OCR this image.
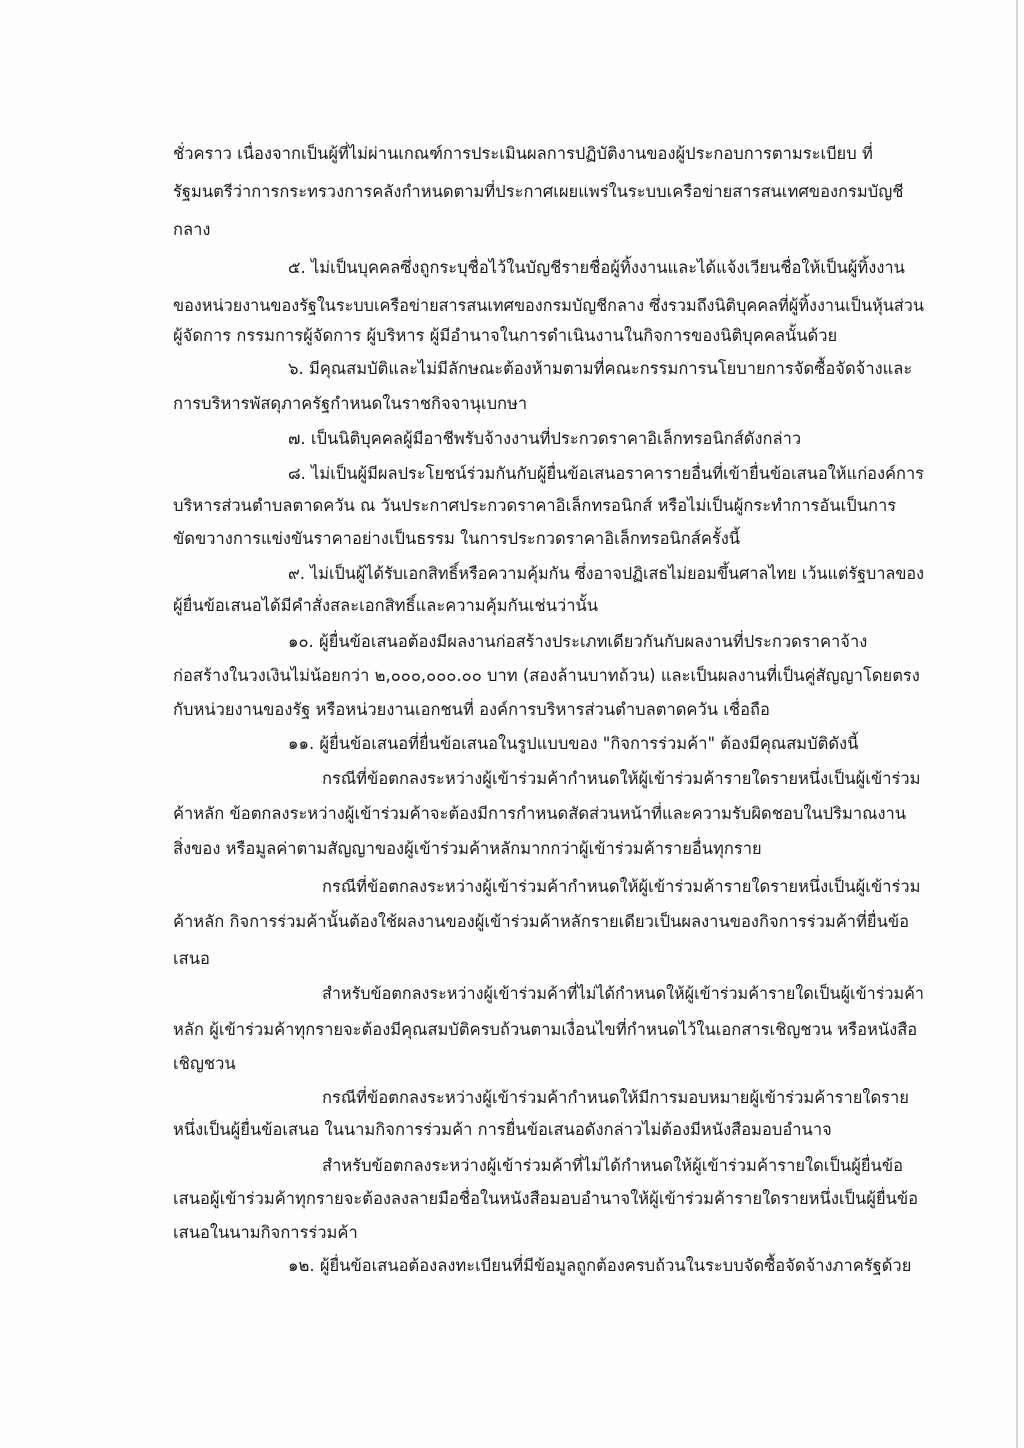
ชั่วคราว เนื่องจากเป็นผู้ที่ไม่ผ่านเกณฑ์การประเมินผลการปฏิบัติงานของผู้ประกอบการตามระเบียบ ที่
รัฐมนตรีว่าการกระทรวงการคลังกำหนดตามที่ประกาศเผยแพร่ในระบบเครือข่ายสารสนเทศของกรมบัญชี
กลาง
๕. ไม่เป็นบุคคลซึ่งถูกระบุชื่อไว้ในบัญชีรายชื่อผู้ทิ้งงานและได้แจ้งเวียนชื่อให้เป็นผู้ทิ้งงาน
ของหน่วยงานของรัฐในระบบเครือข่ายสารสนเทศของกรมบัญชีกลาง ซึ่งรวมถึงนิติบุคคลที่ผู้ทิ้งงานเป็นหุ้นส่วน
ผู้จัดการ กรรมการผู้จัดการ ผู้บริหาร ผู้มีอำนาจในการดำเนินงานในกิจการของนิติบุคคลนั้นด้วย
๖. มีคุณสมบัติและไม่มีลักษณะต้องห้ามตามที่คณะกรรมการนโยบายการจัดซื้อจัดจ้างและ
การบริหารพัสดุภาครัฐกำหนดในราชกิจจานุเบกษา
๗. เป็นนิติบุคคลผู้มีอาชีพรับจ้างงานที่ประกวดราคาอิเล็กทรอนิกส์ดังกล่าว
๘. ไม่เป็นผู้มีผลประโยชน์ร่วมกันกับผู้ยื่นข้อเสนอราคารายอื่นที่เข้ายื่นข้อเสนอให้แก่องค์การ
บริหารส่วนตำบลตาดควัน ณ วันประกาศประกวดราคาอิเล็กทรอนิกส์ หรือไม่เป็นผู้กระทำการอันเป็นการ
ขัดขวางการแข่งขันราคาอย่างเป็นธรรม ในการประกวดราคาอิเล็กทรอนิกส์ครั้งนี้
๙. ไม่เป็นผู้ได้รับเอกสิทธิ์หรือความคุ้มกัน ซึ่งอาจปฏิเสธไม่ยอมขึ้นศาลไทย เว้นแต่รัฐบาลของ
ผู้ยื่นข้อเสนอได้มีคำสั่งสละเอกสิทธิ์และความคุ้มกันเช่นว่านั้น
๑๐. ผู้ยื่นข้อเสนอต้องมีผลงานก่อสร้างประเภทเดียวกันกับผลงานที่ประกวดราคาจ้าง
ก่อสร้างในวงเงินไม่น้อยกว่า ๒,๐๐๐,๐๐๐.๐๐ บาท (สองล้านบาทถ้วน) และเป็นผลงานที่เป็นคู่สัญญาโดยตรง
กับหน่วยงานของรัฐ หรือหน่วยงานเอกชนที่ องค์การบริหารส่วนตำบลตาดควัน เชื่อถือ
๑๑. ผู้ยื่นข้อเสนอที่ยื่นข้อเสนอในรูปแบบของ "กิจการร่วมค้า" ต้องมีคุณสมบัติดังนี้
กรณีที่ข้อตกลงระหว่างผู้เข้าร่วมค้ากำหนดให้ผู้เข้าร่วมค้ารายใดรายหนึ่งเป็นผู้เข้าร่วม
ค้าหลัก ข้อตกลงระหว่างผู้เข้าร่วมค้าจะต้องมีการกำหนดสัดส่วนหน้าที่และความรับผิดชอบในปริมาณงาน
สิ่งของ หรือมูลค่าตามสัญญาของผู้เข้าร่วมค้าหลักมากกว่าผู้เข้าร่วมค้ารายอื่นทุกราย
กรณีที่ข้อตกลงระหว่างผู้เข้าร่วมค้ากำหนดให้ผู้เข้าร่วมค้ารายใดรายหนึ่งเป็นผู้เข้าร่วม
ค้าหลัก กิจการร่วมค้านั้นต้องใช้ผลงานของผู้เข้าร่วมค้าหลักรายเดียวเป็นผลงานของกิจการร่วมค้าที่ยื่นข้อ
เสนอ
สำหรับข้อตกลงระหว่างผู้เข้าร่วมค้าที่ไม่ได้กำหนดให้ผู้เข้าร่วมค้ารายใดเป็นผู้เข้าร่วมค้า
หลัก ผู้เข้าร่วมค้าทุกรายจะต้องมีคุณสมบัติครบถ้วนตามเงื่อนไขที่กำหนดไว้ในเอกสารเชิญชวน หรือหนังสือ
เชิญชวน
กรณีที่ข้อตกลงระหว่างผู้เข้าร่วมค้ากำหนดให้มีการมอบหมายผู้เข้าร่วมค้ารายใดราย
หนึ่งเป็นผู้ยื่นข้อเสนอ ในนามกิจการร่วมค้า การยื่นข้อเสนอดังกล่าวไม่ต้องมีหนังสือมอบอำนาจ
สำหรับข้อตกลงระหว่างผู้เข้าร่วมค้าที่ไม่ได้กำหนดให้ผู้เข้าร่วมค้ารายใดเป็นผู้ยื่นข้อ
เสนอผู้เข้าร่วมค้าทุกรายจะต้องลงลายมือชื่อในหนังสือมอบอำนาจให้ผู้เข้าร่วมค้ารายใดรายหนึ่งเป็นผู้ยื่นข้อ
เสนอในนามกิจการร่วมค้า
๑๒. ผู้ยื่นข้อเสนอต้องลงทะเบียนที่มีข้อมูลถูกต้องครบถ้วนในระบบจัดซื้อจัดจ้างภาครัฐด้วย
